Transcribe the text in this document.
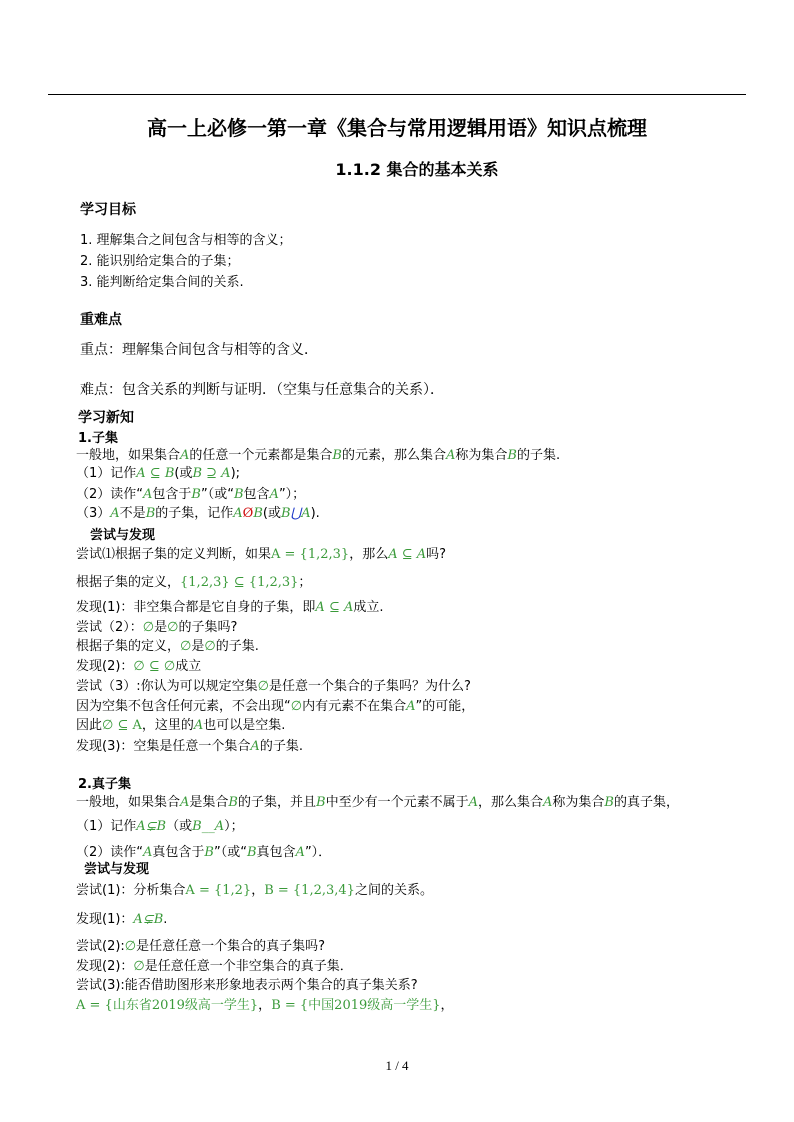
高一上必修一第一章《集合与常用逻辑用语》知识点梳理
1.1.2 集合的基本关系
学习目标
1. 理解集合之间包含与相等的含义；
2. 能识别给定集合的子集；
3. 能判断给定集合间的关系.
重难点
重点：理解集合间包含与相等的含义．
难点：包含关系的判断与证明．（空集与任意集合的关系）．
学习新知
1.子集
一般地，如果集合A的任意一个元素都是集合B的元素，那么集合A称为集合B的子集.
（1）记作A ⊆ B(或B ⊇ A);
（2）读作“A包含于B”（或“B包含A”）；
（3）A不是B的子集，记作AØB(或B⋃A).
尝试与发现
尝试⑴根据子集的定义判断，如果A = {1,2,3}，那么A ⊆ A吗?
根据子集的定义，{1,2,3} ⊆ {1,2,3}；
发现(1)：非空集合都是它自身的子集，即A ⊆ A成立.
尝试（2）：∅是∅的子集吗?
根据子集的定义，∅是∅的子集.
发现(2)：∅ ⊆ ∅成立
尝试（3）:你认为可以规定空集∅是任意一个集合的子集吗？为什么?
因为空集不包含任何元素，不会出现“∅内有元素不在集合A”的可能，
因此∅ ⊆ A，这里的A也可以是空集.
发现(3)：空集是任意一个集合A的子集.
2.真子集
一般地，如果集合A是集合B的子集，并且B中至少有一个元素不属于A，那么集合A称为集合B的真子集，
（1）记作A⊊B（或B__A）；
（2）读作“A真包含于B”（或“B真包含A”）．
尝试与发现
尝试(1)：分析集合A = {1,2}，B = {1,2,3,4}之间的关系。
发现(1)：A⊊B.
尝试(2):∅是任意任意一个集合的真子集吗?
发现(2)：∅是任意任意一个非空集合的真子集．
尝试(3):能否借助图形来形象地表示两个集合的真子集关系?
A = {山东省2019级高一学生}，B = {中国2019级高一学生}，
1 / 4
